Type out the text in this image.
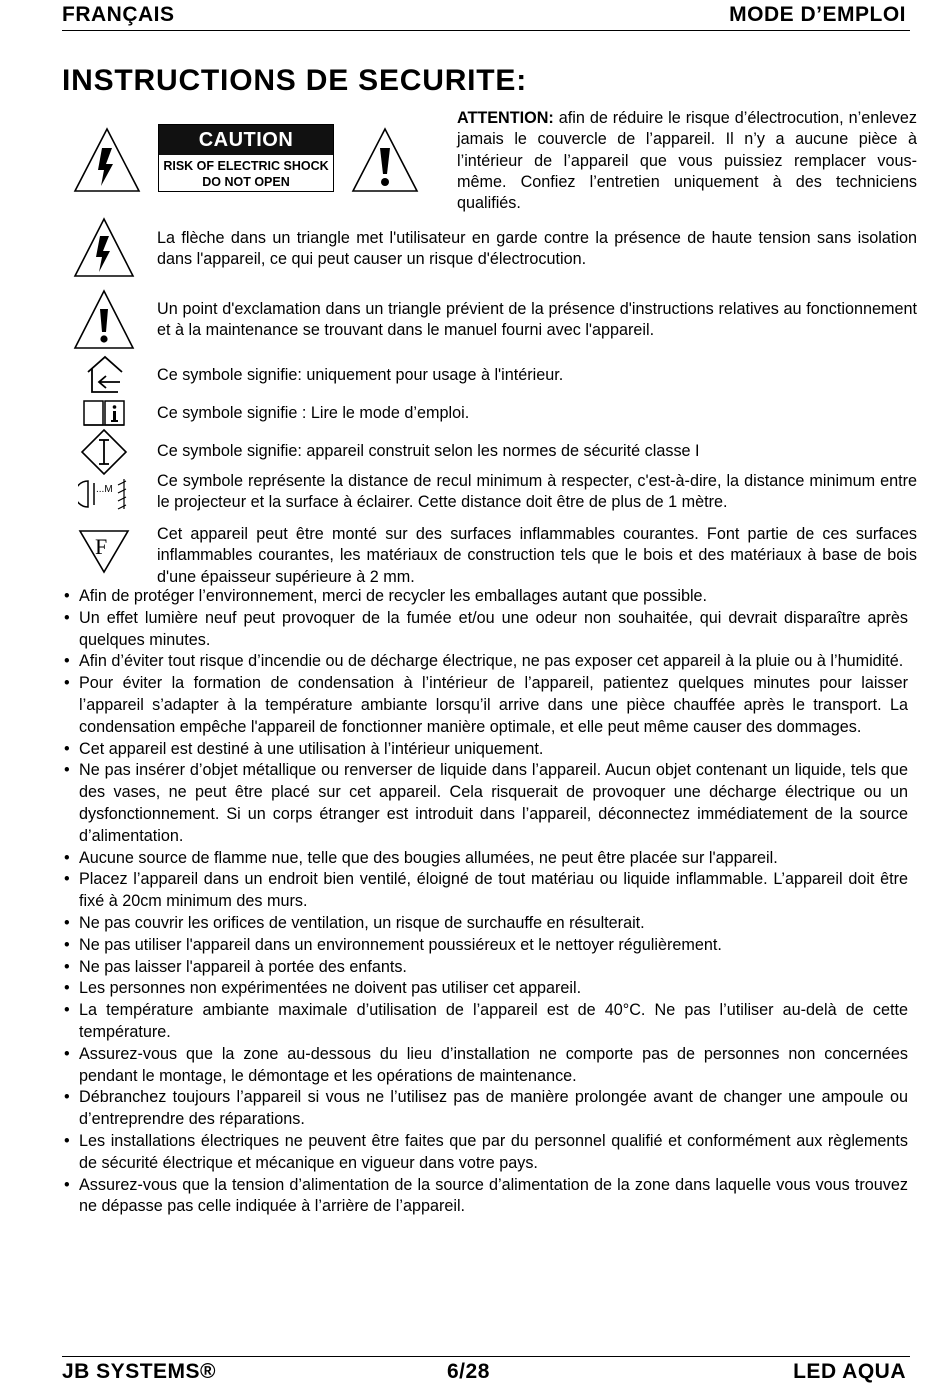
FRANÇAIS	MODE D’EMPLOI
INSTRUCTIONS DE SECURITE:
CAUTION
RISK OF ELECTRIC SHOCK
DO NOT OPEN
ATTENTION: afin de réduire le risque d’électrocution, n’enlevez jamais le couvercle de l’appareil. Il n’y a aucune pièce à l’intérieur de l’appareil que vous puissiez remplacer vous-même. Confiez l’entretien uniquement à des techniciens qualifiés.
La flèche dans un triangle met l'utilisateur en garde contre la présence de haute tension sans isolation dans l'appareil, ce qui peut causer un risque d'électrocution.
Un point d'exclamation dans un triangle prévient de la présence d'instructions relatives au fonctionnement et à la maintenance se trouvant dans le manuel fourni avec l'appareil.
Ce symbole signifie: uniquement pour usage à l'intérieur.
Ce symbole signifie : Lire le mode d’emploi.
Ce symbole signifie: appareil construit selon les normes de sécurité classe I
...M	Ce symbole représente la distance de recul minimum à respecter, c'est-à-dire, la distance minimum entre le projecteur et la surface à éclairer. Cette distance doit être de plus de 1 mètre.
F	Cet appareil peut être monté sur des surfaces inflammables courantes. Font partie de ces surfaces inflammables courantes, les matériaux de construction tels que le bois et des matériaux à base de bois d'une épaisseur supérieure à 2 mm.
• Afin de protéger l’environnement, merci de recycler les emballages autant que possible.
• Un effet lumière neuf peut provoquer de la fumée et/ou une odeur non souhaitée, qui devrait disparaître après quelques minutes.
• Afin d’éviter tout risque d’incendie ou de décharge électrique, ne pas exposer cet appareil à la pluie ou à l’humidité.
• Pour éviter la formation de condensation à l’intérieur de l’appareil, patientez quelques minutes pour laisser l’appareil s’adapter à la température ambiante lorsqu’il arrive dans une pièce chauffée après le transport. La condensation empêche l'appareil de fonctionner manière optimale, et elle peut même causer des dommages.
• Cet appareil est destiné à une utilisation à l’intérieur uniquement.
• Ne pas insérer d’objet métallique ou renverser de liquide dans l’appareil. Aucun objet contenant un liquide, tels que des vases, ne peut être placé sur cet appareil. Cela risquerait de provoquer une décharge électrique ou un dysfonctionnement. Si un corps étranger est introduit dans l’appareil, déconnectez immédiatement de la source d’alimentation.
• Aucune source de flamme nue, telle que des bougies allumées, ne peut être placée sur l'appareil.
• Placez l’appareil dans un endroit bien ventilé, éloigné de tout matériau ou liquide inflammable. L’appareil doit être fixé à 20cm minimum des murs.
• Ne pas couvrir les orifices de ventilation, un risque de surchauffe en résulterait.
• Ne pas utiliser l'appareil dans un environnement poussiéreux et le nettoyer régulièrement.
• Ne pas laisser l'appareil à portée des enfants.
• Les personnes non expérimentées ne doivent pas utiliser cet appareil.
• La température ambiante maximale d’utilisation de l’appareil est de 40°C. Ne pas l’utiliser au-delà de cette température.
• Assurez-vous que la zone au-dessous du lieu d’installation ne comporte pas de personnes non concernées pendant le montage, le démontage et les opérations de maintenance.
• Débranchez toujours l’appareil si vous ne l’utilisez pas de manière prolongée avant de changer une ampoule ou d’entreprendre des réparations.
• Les installations électriques ne peuvent être faites que par du personnel qualifié et conformément aux règlements de sécurité électrique et mécanique en vigueur dans votre pays.
• Assurez-vous que la tension d’alimentation de la source d’alimentation de la zone dans laquelle vous vous trouvez ne dépasse pas celle indiquée à l’arrière de l’appareil.
JB SYSTEMS®	6/28	LED AQUA
